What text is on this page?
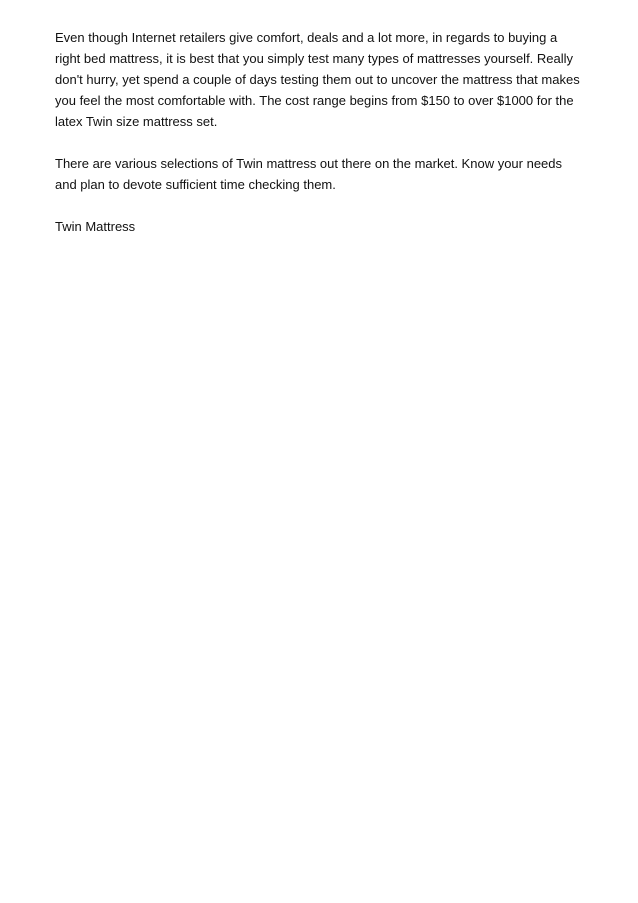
Even though Internet retailers give comfort, deals and a lot more, in regards to buying a right bed mattress, it is best that you simply test many types of mattresses yourself. Really don't hurry, yet spend a couple of days testing them out to uncover the mattress that makes you feel the most comfortable with. The cost range begins from $150 to over $1000 for the latex Twin size mattress set.

There are various selections of Twin mattress out there on the market. Know your needs and plan to devote sufficient time checking them.

Twin Mattress
